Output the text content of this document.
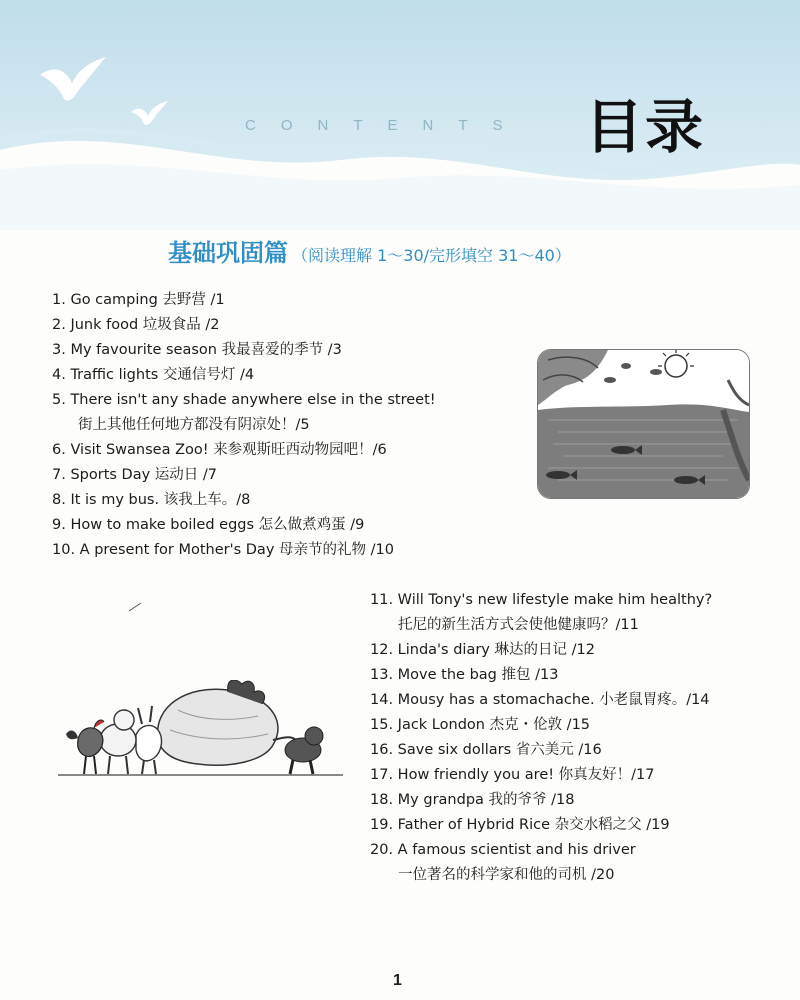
目录
CONTENTS
基础巩固篇 （阅读理解 1～30/完形填空 31～40）
1. Go camping 去野营 /1
2. Junk food 垃圾食品 /2
3. My favourite season 我最喜爱的季节 /3
4. Traffic lights 交通信号灯 /4
5. There isn't any shade anywhere else in the street!
街上其他任何地方都没有阴凉处！/5
6. Visit Swansea Zoo! 来参观斯旺西动物园吧！/6
7. Sports Day 运动日 /7
8. It is my bus. 该我上车。/8
9. How to make boiled eggs 怎么做煮鸡蛋 /9
10. A present for Mother's Day 母亲节的礼物 /10
11. Will Tony's new lifestyle make him healthy?
托尼的新生活方式会使他健康吗？/11
12. Linda's diary 琳达的日记 /12
13. Move the bag 推包 /13
14. Mousy has a stomachache. 小老鼠胃疼。/14
15. Jack London 杰克・伦敦 /15
16. Save six dollars 省六美元 /16
17. How friendly you are! 你真友好！/17
18. My grandpa 我的爷爷 /18
19. Father of Hybrid Rice 杂交水稻之父 /19
20. A famous scientist and his driver
一位著名的科学家和他的司机 /20
1
